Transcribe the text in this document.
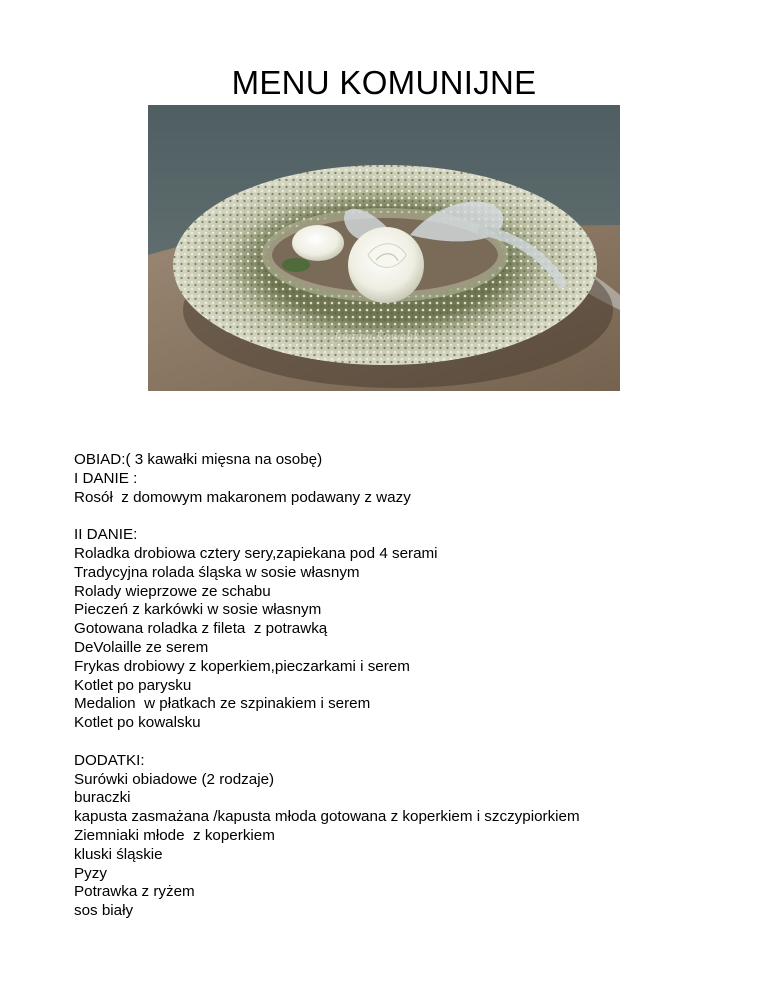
MENU KOMUNIJNE
Joanna Kowalik
OBIAD:( 3 kawałki mięsna na osobę)
I DANIE :
Rosół  z domowym makaronem podawany z wazy
II DANIE:
Roladka drobiowa cztery sery,zapiekana pod 4 serami
Tradycyjna rolada śląska w sosie własnym
Rolady wieprzowe ze schabu
Pieczeń z karkówki w sosie własnym
Gotowana roladka z fileta  z potrawką
DeVolaille ze serem
Frykas drobiowy z koperkiem,pieczarkami i serem
Kotlet po parysku
Medalion  w płatkach ze szpinakiem i serem
Kotlet po kowalsku
DODATKI:
Surówki obiadowe (2 rodzaje)
buraczki
kapusta zasmażana /kapusta młoda gotowana z koperkiem i szczypiorkiem
Ziemniaki młode  z koperkiem
kluski śląskie
Pyzy
Potrawka z ryżem
sos biały
